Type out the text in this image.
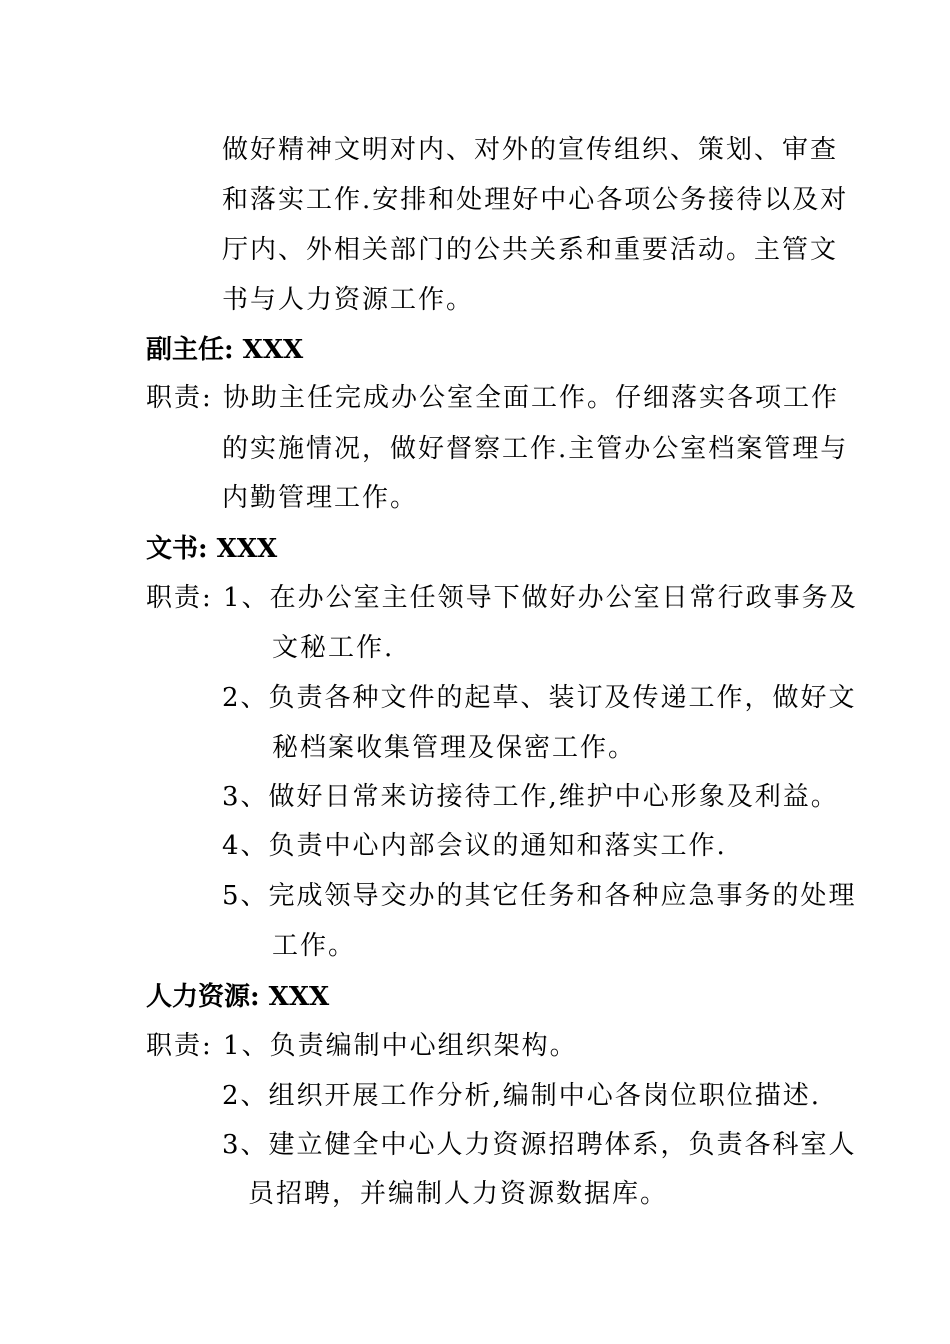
做好精神文明对内、对外的宣传组织、策划、审查
和落实工作.安排和处理好中心各项公务接待以及对
厅内、外相关部门的公共关系和重要活动。主管文
书与人力资源工作。
副主任: XXX
职责: 协助主任完成办公室全面工作。仔细落实各项工作
的实施情况，做好督察工作.主管办公室档案管理与
内勤管理工作。
文书: XXX
职责: 1、在办公室主任领导下做好办公室日常行政事务及
文秘工作.
2、负责各种文件的起草、装订及传递工作，做好文
秘档案收集管理及保密工作。
3、做好日常来访接待工作,维护中心形象及利益。
4、负责中心内部会议的通知和落实工作.
5、完成领导交办的其它任务和各种应急事务的处理
工作。
人力资源: XXX
职责: 1、负责编制中心组织架构。
2、组织开展工作分析,编制中心各岗位职位描述.
3、建立健全中心人力资源招聘体系，负责各科室人
员招聘，并编制人力资源数据库。
